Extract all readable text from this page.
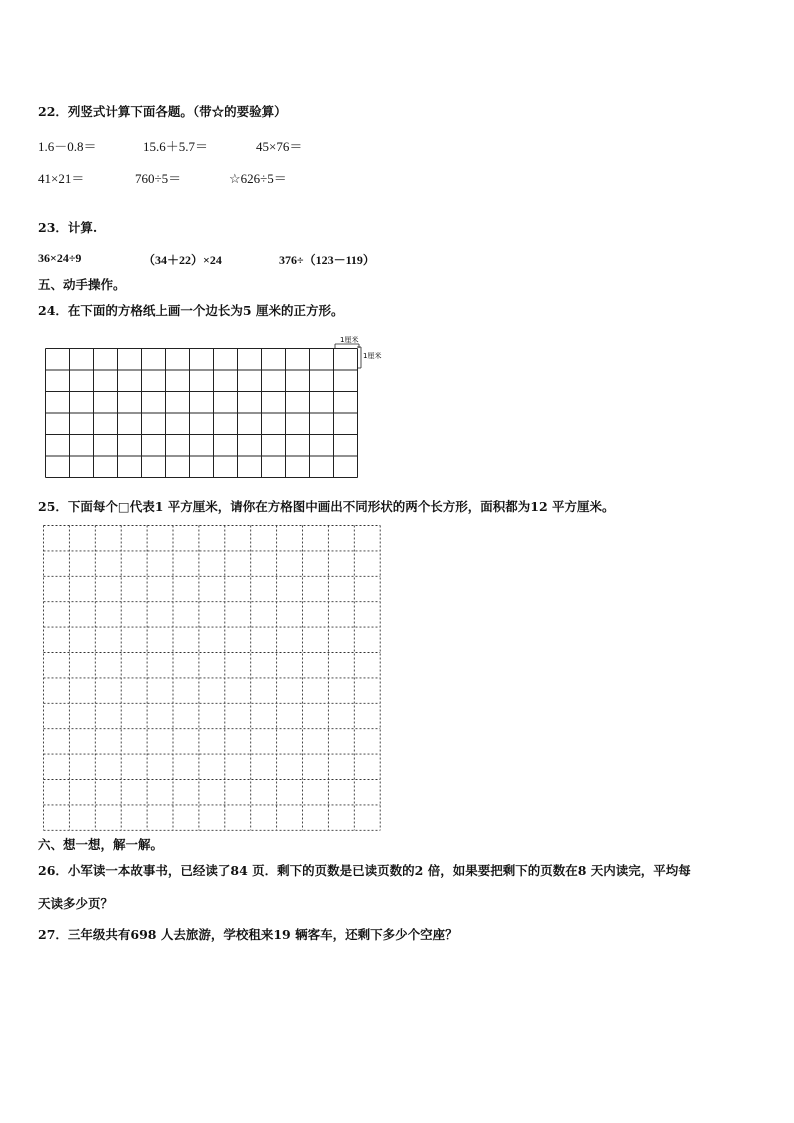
22．列竖式计算下面各题。（带☆的要验算）
1.6－0.8＝	15.6＋5.7＝	45×76＝
41×21＝	760÷5＝	☆626÷5＝
23．计算.
36×24÷9	（34＋22）×24	376÷（123－119）
五、动手操作。
24．在下面的方格纸上画一个边长为5 厘米的正方形。
1厘米
1厘米
25．下面每个□代表1 平方厘米，请你在方格图中画出不同形状的两个长方形，面积都为12 平方厘米。
六、想一想，解一解。
26．小军读一本故事书，已经读了84 页．剩下的页数是已读页数的2 倍，如果要把剩下的页数在8 天内读完，平均每
天读多少页？
27．三年级共有698 人去旅游，学校租来19 辆客车，还剩下多少个空座？
